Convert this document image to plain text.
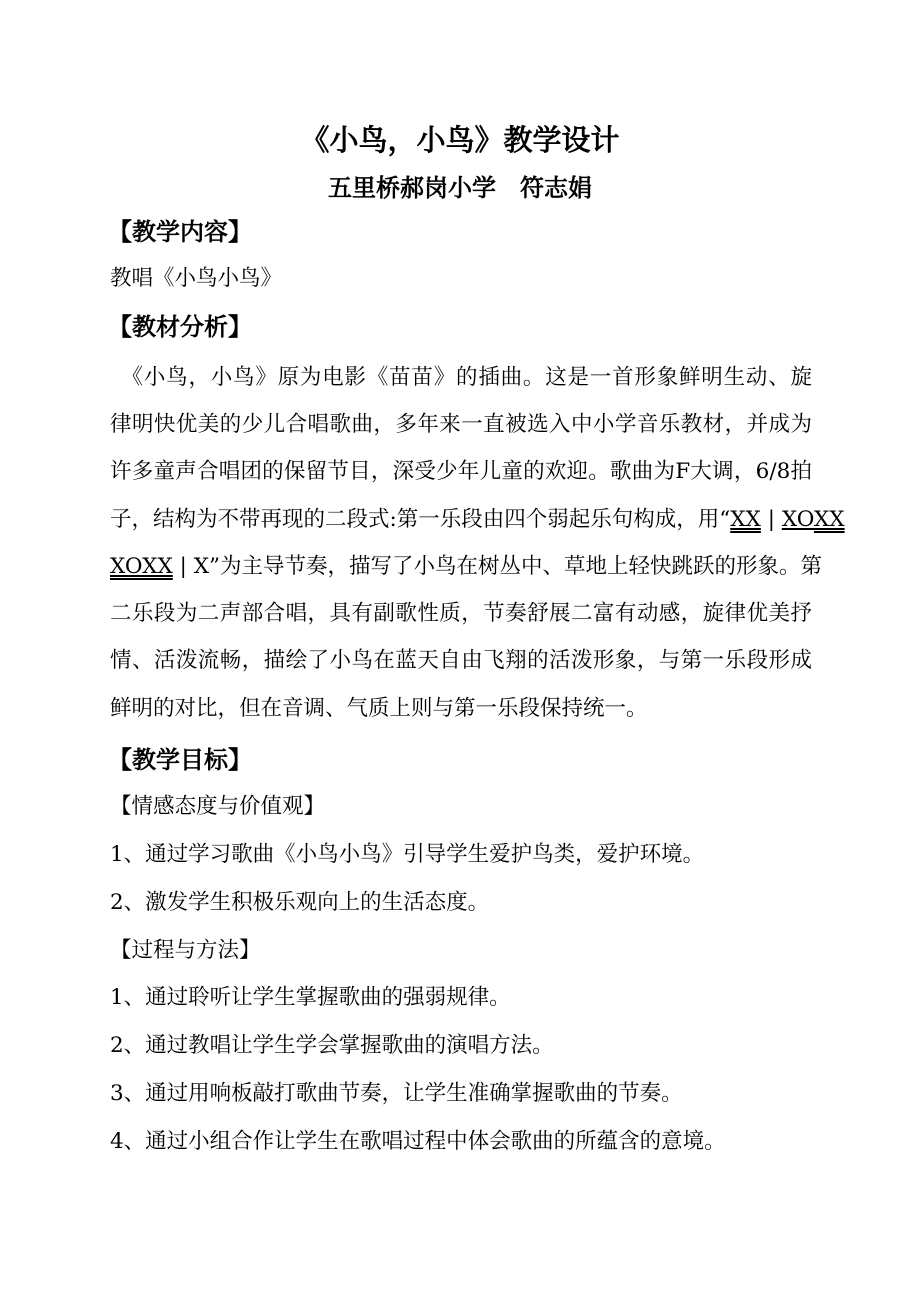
《小鸟，小鸟》教学设计
五里桥郝岗小学　符志娟
【教学内容】
教唱《小鸟小鸟》
【教材分析】
　《小鸟，小鸟》原为电影《苗苗》的插曲。这是一首形象鲜明生动、旋
律明快优美的少儿合唱歌曲，多年来一直被选入中小学音乐教材，并成为
许多童声合唱团的保留节目，深受少年儿童的欢迎。歌曲为F大调，6/8拍
子，结构为不带再现的二段式:第一乐段由四个弱起乐句构成，用“XX | XOXX
XOXX | X”为主导节奏，描写了小鸟在树丛中、草地上轻快跳跃的形象。第
二乐段为二声部合唱，具有副歌性质，节奏舒展二富有动感，旋律优美抒
情、活泼流畅，描绘了小鸟在蓝天自由飞翔的活泼形象，与第一乐段形成
鲜明的对比，但在音调、气质上则与第一乐段保持统一。
【教学目标】
【情感态度与价值观】
1、通过学习歌曲《小鸟小鸟》引导学生爱护鸟类，爱护环境。
2、激发学生积极乐观向上的生活态度。
【过程与方法】
1、通过聆听让学生掌握歌曲的强弱规律。
2、通过教唱让学生学会掌握歌曲的演唱方法。
3、通过用响板敲打歌曲节奏，让学生准确掌握歌曲的节奏。
4、通过小组合作让学生在歌唱过程中体会歌曲的所蕴含的意境。
